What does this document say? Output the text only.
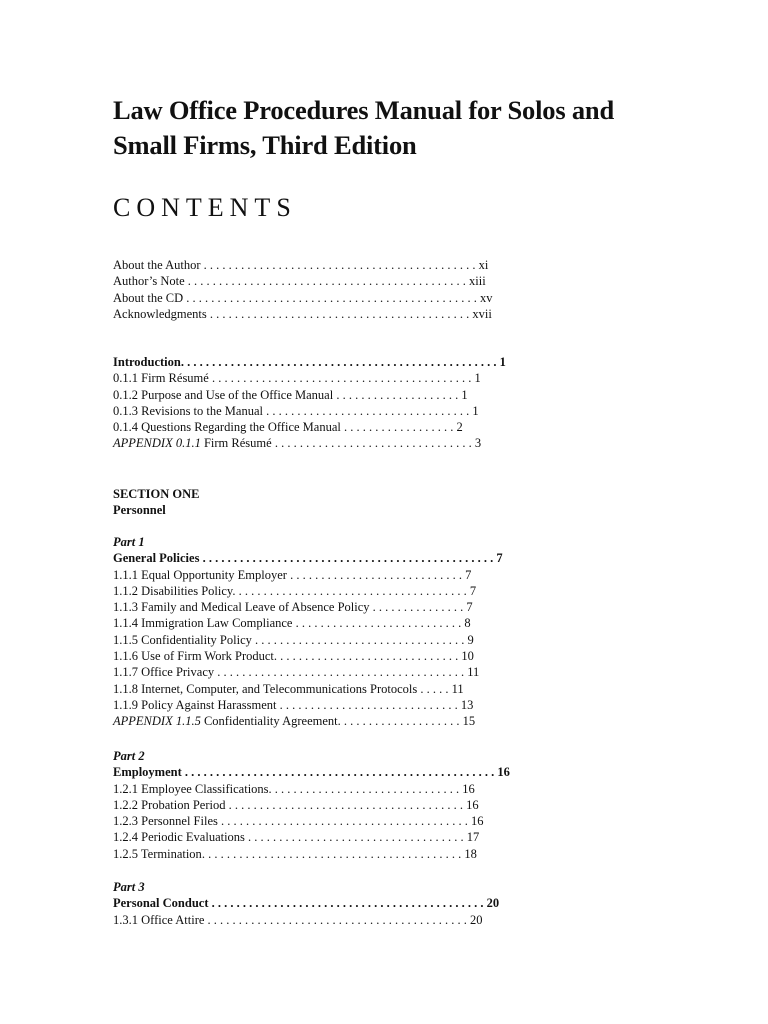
Law Office Procedures Manual for Solos and Small Firms, Third Edition
CONTENTS
About the Author . . . . . . . . . . . . . . . . . . . . . . . . . . . . . . . . . . . . . . . . . . . . xi
Author’s Note . . . . . . . . . . . . . . . . . . . . . . . . . . . . . . . . . . . . . . . . . . . . . xiii
About the CD . . . . . . . . . . . . . . . . . . . . . . . . . . . . . . . . . . . . . . . . . . . . . . . xv
Acknowledgments . . . . . . . . . . . . . . . . . . . . . . . . . . . . . . . . . . . . . . . . . . xvii
Introduction. . . . . . . . . . . . . . . . . . . . . . . . . . . . . . . . . . . . . . . . . . . . . . . . . . . 1
0.1.1 Firm Résumé . . . . . . . . . . . . . . . . . . . . . . . . . . . . . . . . . . . . . . . . . . 1
0.1.2 Purpose and Use of the Office Manual . . . . . . . . . . . . . . . . . . . . 1
0.1.3 Revisions to the Manual . . . . . . . . . . . . . . . . . . . . . . . . . . . . . . . . . 1
0.1.4 Questions Regarding the Office Manual . . . . . . . . . . . . . . . . . . 2
APPENDIX 0.1.1 Firm Résumé . . . . . . . . . . . . . . . . . . . . . . . . . . . . . . . . 3
SECTION ONE
Personnel
Part 1
General Policies . . . . . . . . . . . . . . . . . . . . . . . . . . . . . . . . . . . . . . . . . . . . . . . 7
1.1.1 Equal Opportunity Employer . . . . . . . . . . . . . . . . . . . . . . . . . . . . 7
1.1.2 Disabilities Policy. . . . . . . . . . . . . . . . . . . . . . . . . . . . . . . . . . . . . . 7
1.1.3 Family and Medical Leave of Absence Policy . . . . . . . . . . . . . . . 7
1.1.4 Immigration Law Compliance . . . . . . . . . . . . . . . . . . . . . . . . . . . 8
1.1.5 Confidentiality Policy . . . . . . . . . . . . . . . . . . . . . . . . . . . . . . . . . . 9
1.1.6 Use of Firm Work Product. . . . . . . . . . . . . . . . . . . . . . . . . . . . . . 10
1.1.7 Office Privacy . . . . . . . . . . . . . . . . . . . . . . . . . . . . . . . . . . . . . . . . 11
1.1.8 Internet, Computer, and Telecommunications Protocols . . . . . 11
1.1.9 Policy Against Harassment . . . . . . . . . . . . . . . . . . . . . . . . . . . . . 13
APPENDIX 1.1.5 Confidentiality Agreement. . . . . . . . . . . . . . . . . . . . 15
Part 2
Employment . . . . . . . . . . . . . . . . . . . . . . . . . . . . . . . . . . . . . . . . . . . . . . . . . . 16
1.2.1 Employee Classifications. . . . . . . . . . . . . . . . . . . . . . . . . . . . . . . 16
1.2.2 Probation Period . . . . . . . . . . . . . . . . . . . . . . . . . . . . . . . . . . . . . . 16
1.2.3 Personnel Files . . . . . . . . . . . . . . . . . . . . . . . . . . . . . . . . . . . . . . . . 16
1.2.4 Periodic Evaluations . . . . . . . . . . . . . . . . . . . . . . . . . . . . . . . . . . . 17
1.2.5 Termination. . . . . . . . . . . . . . . . . . . . . . . . . . . . . . . . . . . . . . . . . . 18
Part 3
Personal Conduct . . . . . . . . . . . . . . . . . . . . . . . . . . . . . . . . . . . . . . . . . . . . 20
1.3.1 Office Attire . . . . . . . . . . . . . . . . . . . . . . . . . . . . . . . . . . . . . . . . . . 20
